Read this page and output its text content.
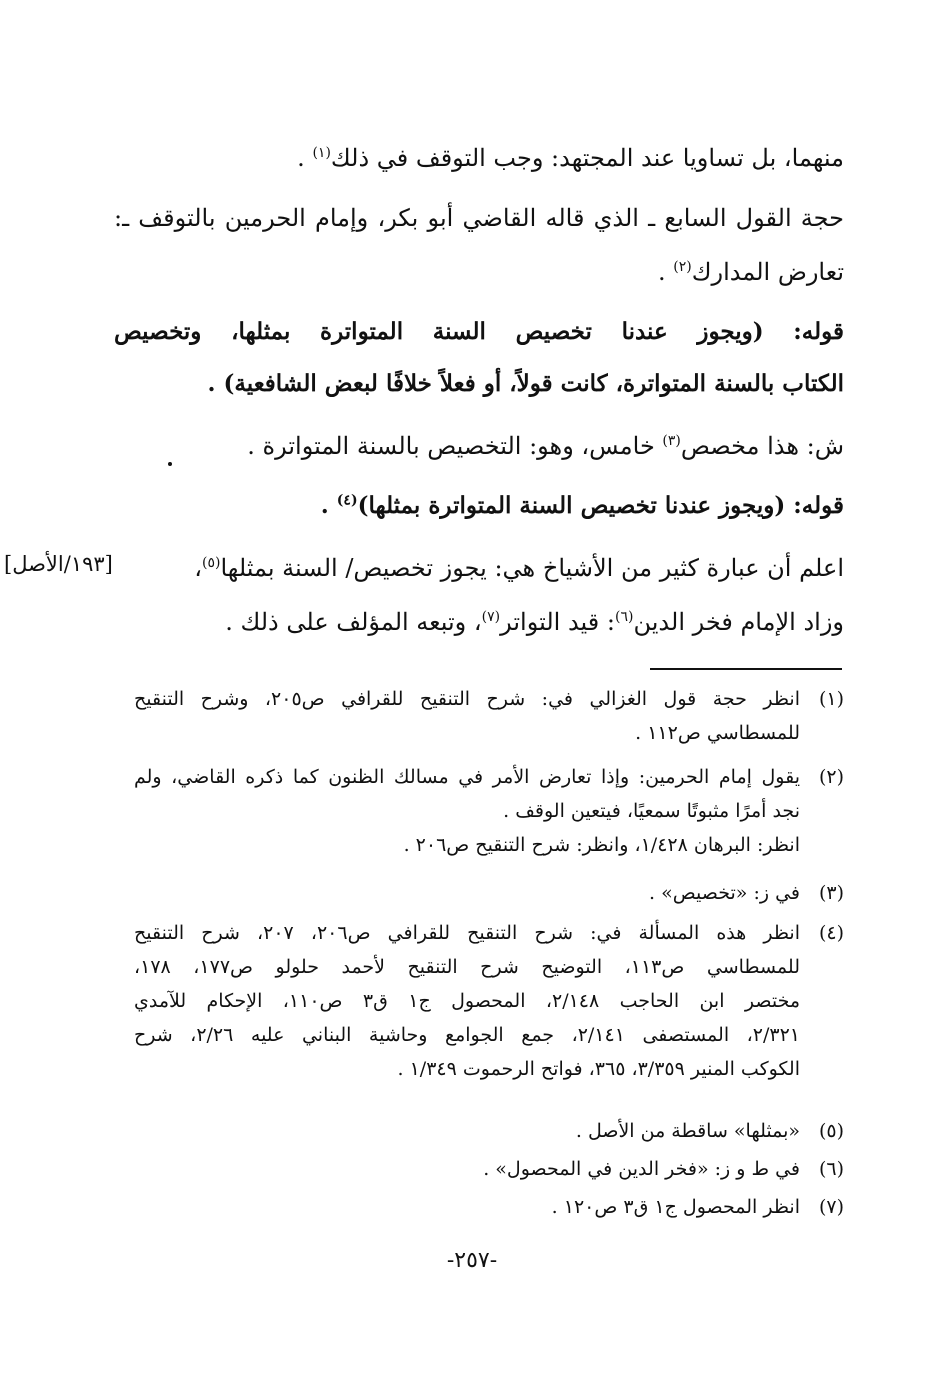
منهما، بل تساويا عند المجتهد: وجب التوقف في ذلك$^{(١)}$ .
حجة القول السابع ـ الذي قاله القاضي أبو بكر، وإمام الحرمين بالتوقف ـ:
تعارض المدارك$^{(٢)}$ .
قوله: (ويجوز عندنا تخصيص السنة المتواترة بمثلها، وتخصيص
الكتاب بالسنة المتواترة، كانت قولاً، أو فعلاً خلافًا لبعض الشافعية) .
ش: هذا مخصص$^{(٣)}$ خامس، وهو: التخصيص بالسنة المتواترة .
قوله: (ويجوز عندنا تخصيص السنة المتواترة بمثلها)$^{(٤)}$ .
اعلم أن عبارة كثير من الأشياخ هي: يجوز تخصيص/ السنة بمثلها$^{(٥)}$،
[١٩٣/الأصل]
وزاد الإمام فخر الدين$^{(٦)}$: قيد التواتر$^{(٧)}$، وتبعه المؤلف على ذلك .
(١)
انظر حجة قول الغزالي في: شرح التنقيح للقرافي ص٢٠٥، وشرح التنقيح
للمسطاسي ص١١٢ .
(٢)
يقول إمام الحرمين: وإذا تعارض الأمر في مسالك الظنون كما ذكره القاضي، ولم
نجد أمرًا مثبوتًا سمعيًا، فيتعين الوقف .
انظر: البرهان ١/٤٢٨، وانظر: شرح التنقيح ص٢٠٦ .
(٣)
في ز: «تخصيص» .
(٤)
انظر هذه المسألة في: شرح التنقيح للقرافي ص٢٠٦، ٢٠٧، شرح التنقيح
للمسطاسي ص١١٣، التوضيح شرح التنقيح لأحمد حلولو ص١٧٧، ١٧٨،
مختصر ابن الحاجب ٢/١٤٨، المحصول ج١ ق٣ ص١١٠، الإحكام للآمدي
٢/٣٢١، المستصفى ٢/١٤١، جمع الجوامع وحاشية البناني عليه ٢/٢٦، شرح
الكوكب المنير ٣/٣٥٩، ٣٦٥، فواتح الرحموت ١/٣٤٩ .
(٥)
«بمثلها» ساقطة من الأصل .
(٦)
في ط و ز: «فخر الدين في المحصول» .
(٧)
انظر المحصول ج١ ق٣ ص١٢٠ .
-٢٥٧-
